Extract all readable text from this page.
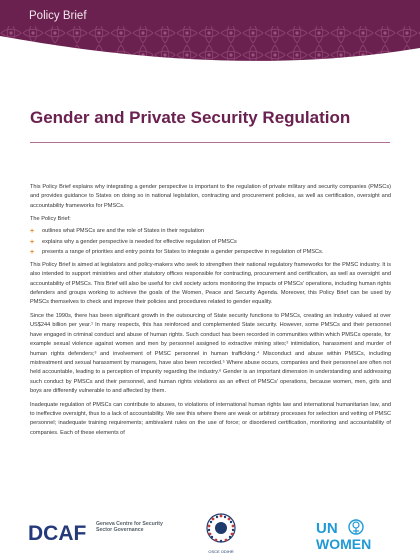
Policy Brief
Gender and Private Security Regulation

This Policy Brief explains why integrating a gender perspective is important to the regulation of private military and security companies (PMSCs) and provides guidance to States on doing so in national legislation, contracting and procurement policies, as well as certification, oversight and accountability frameworks for PMSCs.

The Policy Brief:

+ outlines what PMSCs are and the role of States in their regulation
+ explains why a gender perspective is needed for effective regulation of PMSCs
+ presents a range of priorities and entry points for States to integrate a gender perspective in regulation of PMSCs.

This Policy Brief is aimed at legislators and policy-makers who seek to strengthen their national regulatory frameworks for the PMSC industry. It is also intended to support ministries and other statutory offices responsible for contracting, procurement and certification, as well as oversight and accountability of PMSCs. This Brief will also be useful for civil society actors monitoring the impacts of PMSCs' operations, including human rights defenders and groups working to achieve the goals of the Women, Peace and Security Agenda. Moreover, this Policy Brief can be used by PMSCs themselves to check and improve their policies and procedures related to gender equality.

Since the 1990s, there has been significant growth in the outsourcing of State security functions to PMSCs, creating an industry valued at over US$244 billion per year.¹ In many respects, this has reinforced and complemented State security. However, some PMSCs and their personnel have engaged in criminal conduct and abuse of human rights. Such conduct has been recorded in communities within which PMSCs operate, for example sexual violence against women and men by personnel assigned to extractive mining sites;² intimidation, harassment and murder of human rights defenders;³ and involvement of PMSC personnel in human trafficking.⁴ Misconduct and abuse within PMSCs, including mistreatment and sexual harassment by managers, have also been recorded.⁵ Where abuse occurs, companies and their personnel are often not held accountable, leading to a perception of impunity regarding the industry.⁶ Gender is an important dimension in understanding and addressing such conduct by PMSCs and their personnel, and human rights violations as an effect of PMSCs' operations, because women, men, girls and boys are differently vulnerable to and affected by them.

Inadequate regulation of PMSCs can contribute to abuses, to violations of international human rights law and international humanitarian law, and to ineffective oversight, thus to a lack of accountability. We see this where there are weak or arbitrary processes for selection and vetting of PMSC personnel; inadequate training requirements; ambivalent rules on the use of force; or disordered certification, monitoring and accountability of companies. Each of these elements of

DCAF Geneva Centre for Security Sector Governance
OSCE ODIHR
UN
WOMEN
